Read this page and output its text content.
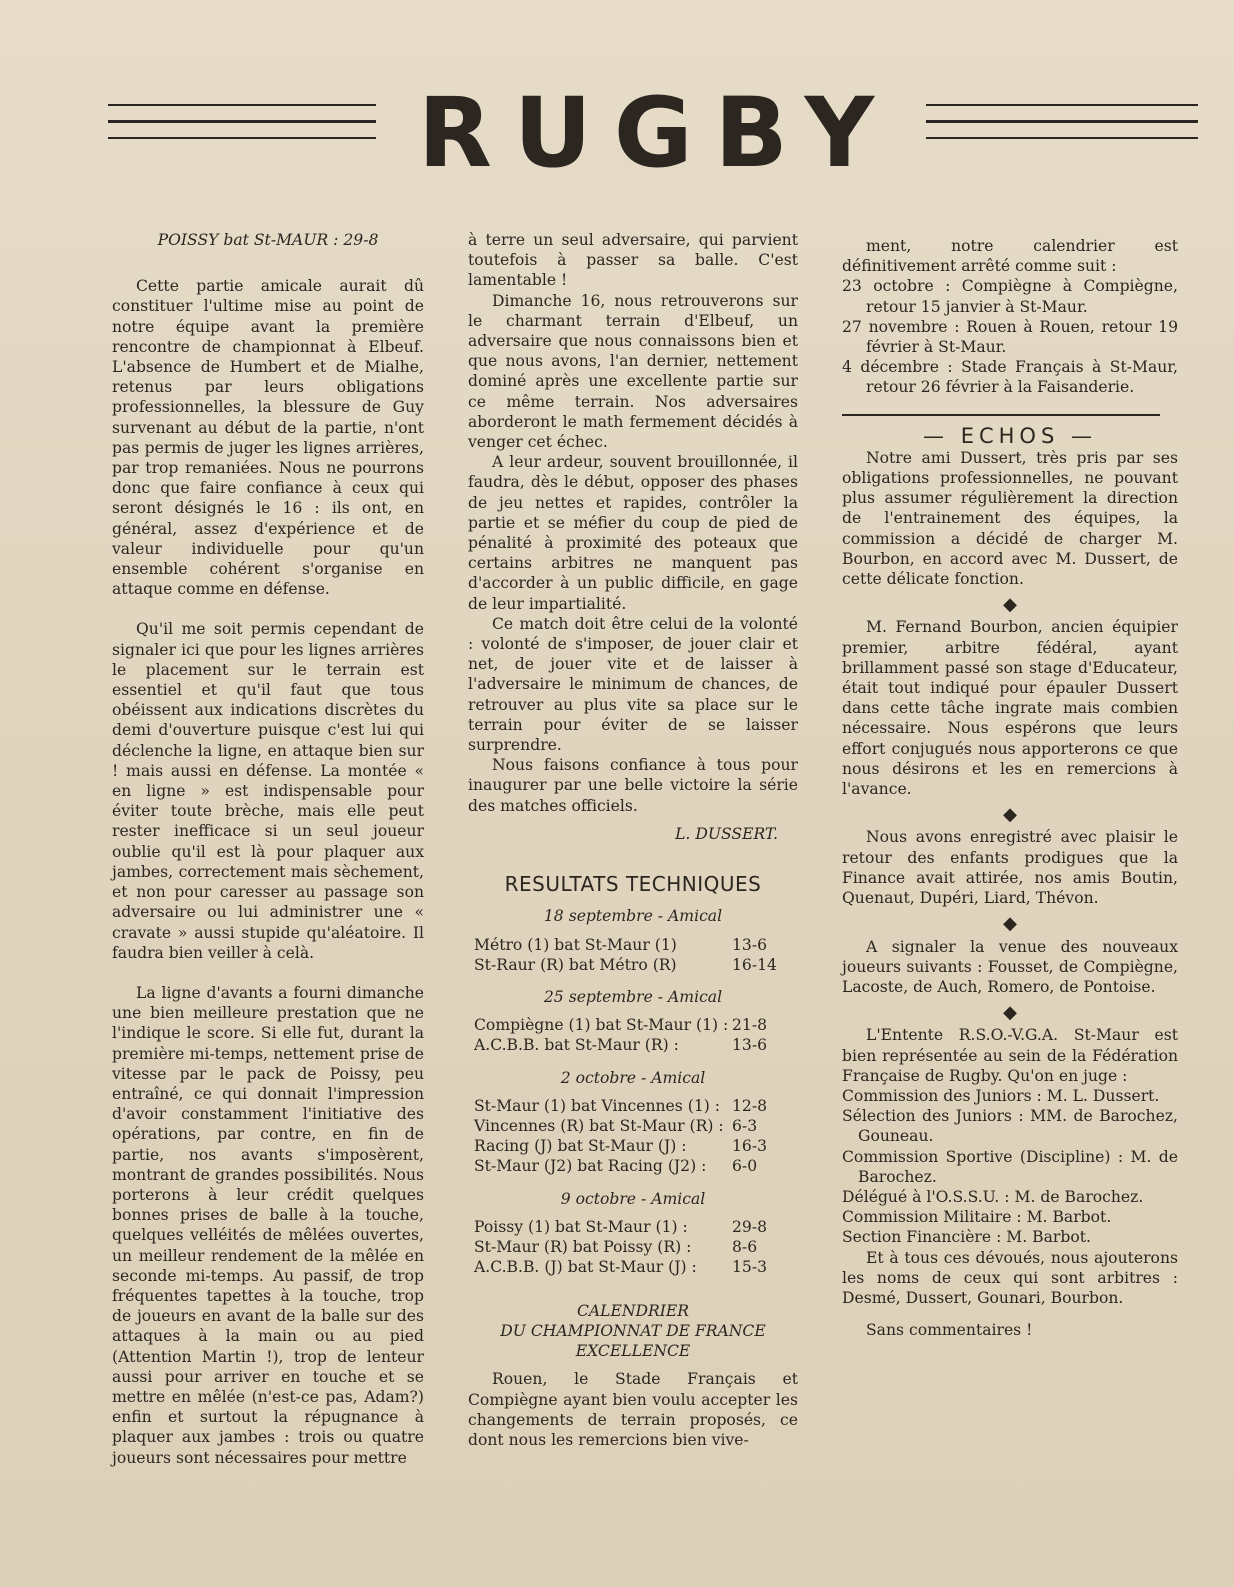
RUGBY

POISSY bat St-MAUR : 29-8

Cette partie amicale aurait dû constituer l'ultime mise au point de notre équipe avant la première rencontre de championnat à Elbeuf. L'absence de Humbert et de Mialhe, retenus par leurs obligations professionnelles, la blessure de Guy survenant au début de la partie, n'ont pas permis de juger les lignes arrières, par trop remaniées. Nous ne pourrons donc que faire confiance à ceux qui seront désignés le 16 : ils ont, en général, assez d'expérience et de valeur individuelle pour qu'un ensemble cohérent s'organise en attaque comme en défense.

Qu'il me soit permis cependant de signaler ici que pour les lignes arrières le placement sur le terrain est essentiel et qu'il faut que tous obéissent aux indications discrètes du demi d'ouverture puisque c'est lui qui déclenche la ligne, en attaque bien sur ! mais aussi en défense. La montée « en ligne » est indispensable pour éviter toute brèche, mais elle peut rester inefficace si un seul joueur oublie qu'il est là pour plaquer aux jambes, correctement mais sèchement, et non pour caresser au passage son adversaire ou lui administrer une « cravate » aussi stupide qu'aléatoire. Il faudra bien veiller à celà.

La ligne d'avants a fourni dimanche une bien meilleure prestation que ne l'indique le score. Si elle fut, durant la première mi-temps, nettement prise de vitesse par le pack de Poissy, peu entraîné, ce qui donnait l'impression d'avoir constamment l'initiative des opérations, par contre, en fin de partie, nos avants s'imposèrent, montrant de grandes possibilités. Nous porterons à leur crédit quelques bonnes prises de balle à la touche, quelques velléités de mêlées ouvertes, un meilleur rendement de la mêlée en seconde mi-temps. Au passif, de trop fréquentes tapettes à la touche, trop de joueurs en avant de la balle sur des attaques à la main ou au pied (Attention Martin !), trop de lenteur aussi pour arriver en touche et se mettre en mêlée (n'est-ce pas, Adam?) enfin et surtout la répugnance à plaquer aux jambes : trois ou quatre joueurs sont nécessaires pour mettre

à terre un seul adversaire, qui parvient toutefois à passer sa balle. C'est lamentable !

Dimanche 16, nous retrouverons sur le charmant terrain d'Elbeuf, un adversaire que nous connaissons bien et que nous avons, l'an dernier, nettement dominé après une excellente partie sur ce même terrain. Nos adversaires aborderont le math fermement décidés à venger cet échec.

A leur ardeur, souvent brouillonnée, il faudra, dès le début, opposer des phases de jeu nettes et rapides, contrôler la partie et se méfier du coup de pied de pénalité à proximité des poteaux que certains arbitres ne manquent pas d'accorder à un public difficile, en gage de leur impartialité.

Ce match doit être celui de la volonté : volonté de s'imposer, de jouer clair et net, de jouer vite et de laisser à l'adversaire le minimum de chances, de retrouver au plus vite sa place sur le terrain pour éviter de se laisser surprendre.

Nous faisons confiance à tous pour inaugurer par une belle victoire la série des matches officiels.

L. DUSSERT.

RESULTATS TECHNIQUES

18 septembre - Amical

Métro (1) bat St-Maur (1)	13-6
St-Raur (R) bat Métro (R)	16-14

25 septembre - Amical

Compiègne (1) bat St-Maur (1) : 21-8
A.C.B.B. bat St-Maur (R) :	13-6

2 octobre - Amical

St-Maur (1) bat Vincennes (1) : 12-8
Vincennes (R) bat St-Maur (R) : 6-3
Racing (J) bat St-Maur (J) :	16-3
St-Maur (J2) bat Racing (J2) : 6-0

9 octobre - Amical

Poissy (1) bat St-Maur (1) :	29-8
St-Maur (R) bat Poissy (R) :	8-6
A.C.B.B. (J) bat St-Maur (J) : 15-3

CALENDRIER
DU CHAMPIONNAT DE FRANCE
EXCELLENCE

Rouen, le Stade Français et Compiègne ayant bien voulu accepter les changements de terrain proposés, ce dont nous les remercions bien vive-

ment, notre calendrier est définitivement arrêté comme suit :

23 octobre : Compiègne à Compiègne, retour 15 janvier à St-Maur.

27 novembre : Rouen à Rouen, retour 19 février à St-Maur.

4 décembre : Stade Français à St-Maur, retour 26 février à la Faisanderie.

— ECHOS —

Notre ami Dussert, très pris par ses obligations professionnelles, ne pouvant plus assumer régulièrement la direction de l'entrainement des équipes, la commission a décidé de charger M. Bourbon, en accord avec M. Dussert, de cette délicate fonction.

◆

M. Fernand Bourbon, ancien équipier premier, arbitre fédéral, ayant brillamment passé son stage d'Educateur, était tout indiqué pour épauler Dussert dans cette tâche ingrate mais combien nécessaire. Nous espérons que leurs effort conjugués nous apporterons ce que nous désirons et les en remercions à l'avance.

◆

Nous avons enregistré avec plaisir le retour des enfants prodigues que la Finance avait attirée, nos amis Boutin, Quenaut, Dupéri, Liard, Thévon.

◆

A signaler la venue des nouveaux joueurs suivants : Fousset, de Compiègne, Lacoste, de Auch, Romero, de Pontoise.

◆

L'Entente R.S.O.-V.G.A. St-Maur est bien représentée au sein de la Fédération Française de Rugby. Qu'on en juge :

Commission des Juniors : M. L. Dussert.

Sélection des Juniors : MM. de Barochez, Gouneau.

Commission Sportive (Discipline) : M. de Barochez.

Délégué à l'O.S.S.U. : M. de Barochez.

Commission Militaire : M. Barbot.

Section Financière : M. Barbot.

Et à tous ces dévoués, nous ajouterons les noms de ceux qui sont arbitres : Desmé, Dussert, Gounari, Bourbon.

Sans commentaires !
